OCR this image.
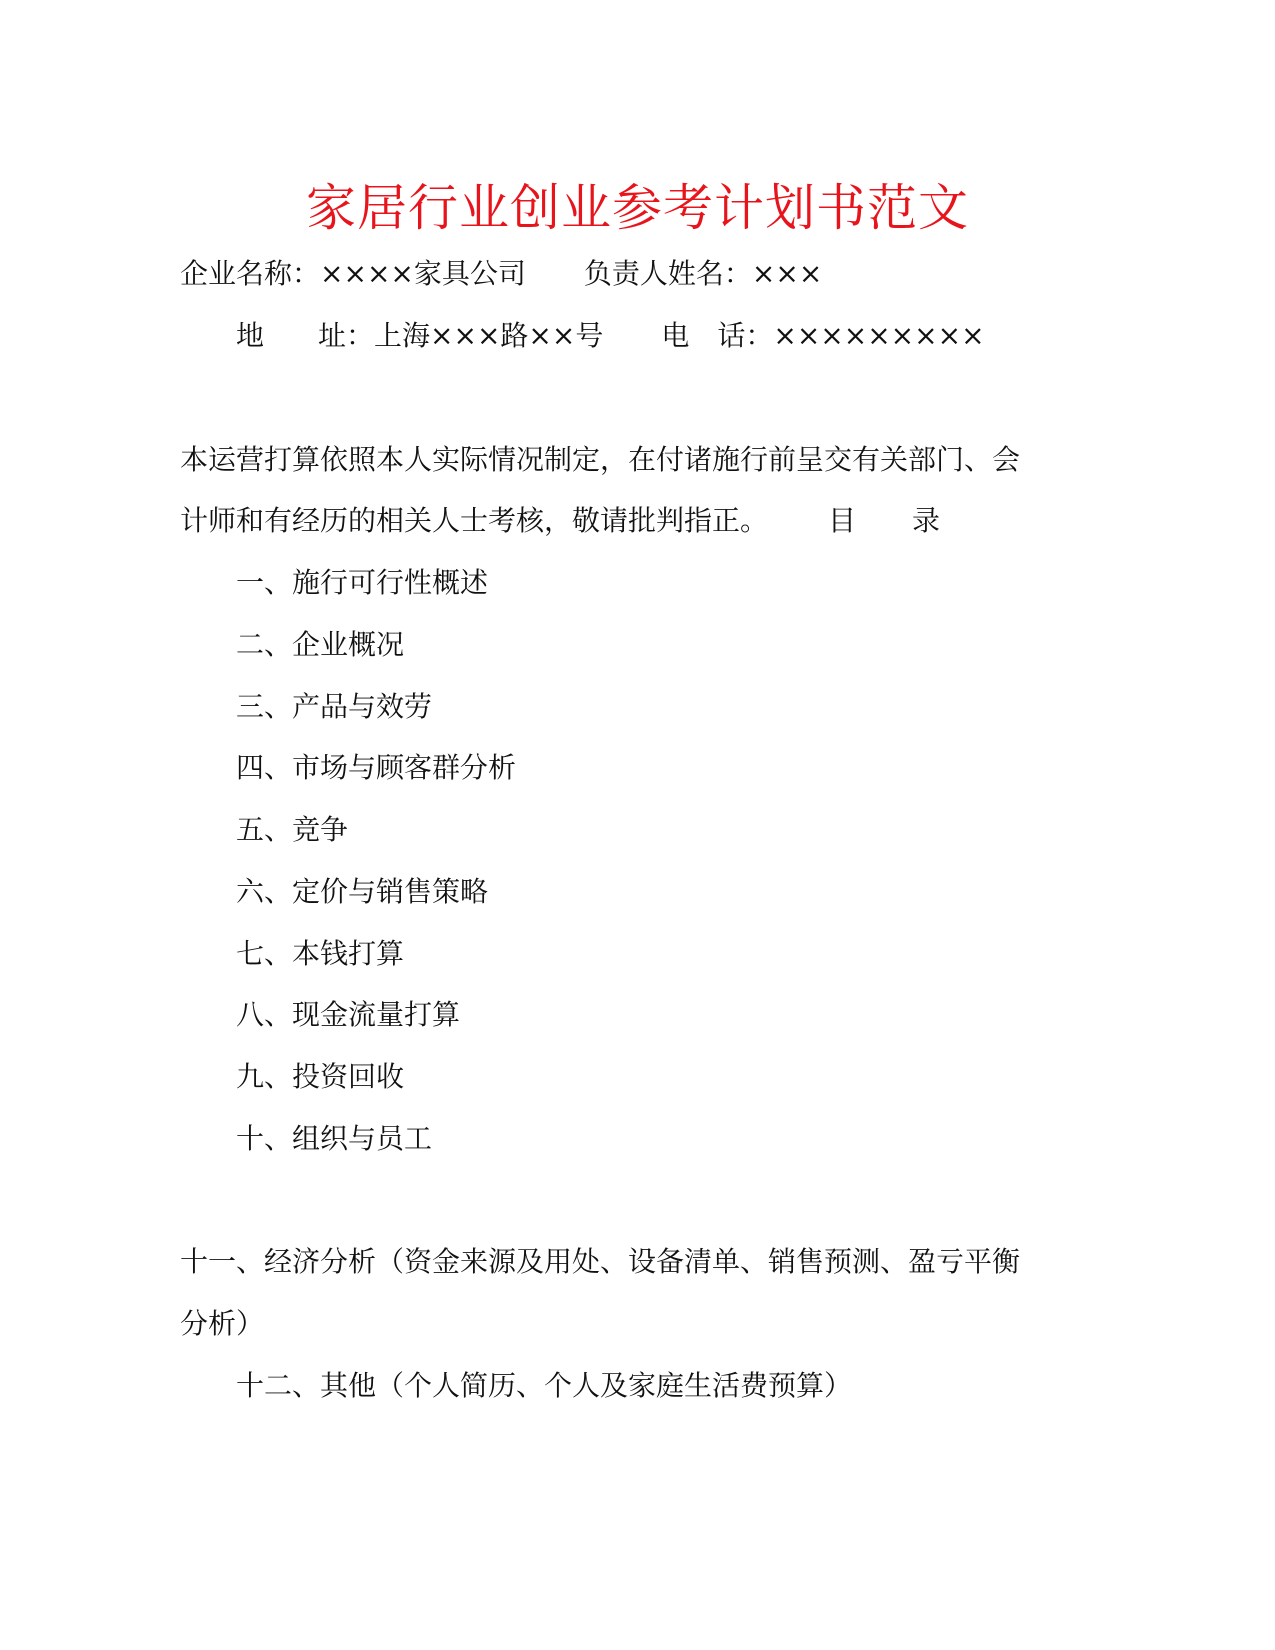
家居行业创业参考计划书范文
企业名称：××××家具公司 负责人姓名：×××
地 址：上海×××路××号 电 话：×××××××××
本运营打算依照本人实际情况制定，在付诸施行前呈交有关部门、会
计师和有经历的相关人士考核，敬请批判指正。 目 录
一、施行可行性概述
二、企业概况
三、产品与效劳
四、市场与顾客群分析
五、竞争
六、定价与销售策略
七、本钱打算
八、现金流量打算
九、投资回收
十、组织与员工
十一、经济分析（资金来源及用处、设备清单、销售预测、盈亏平衡
分析）
十二、其他（个人简历、个人及家庭生活费预算）
